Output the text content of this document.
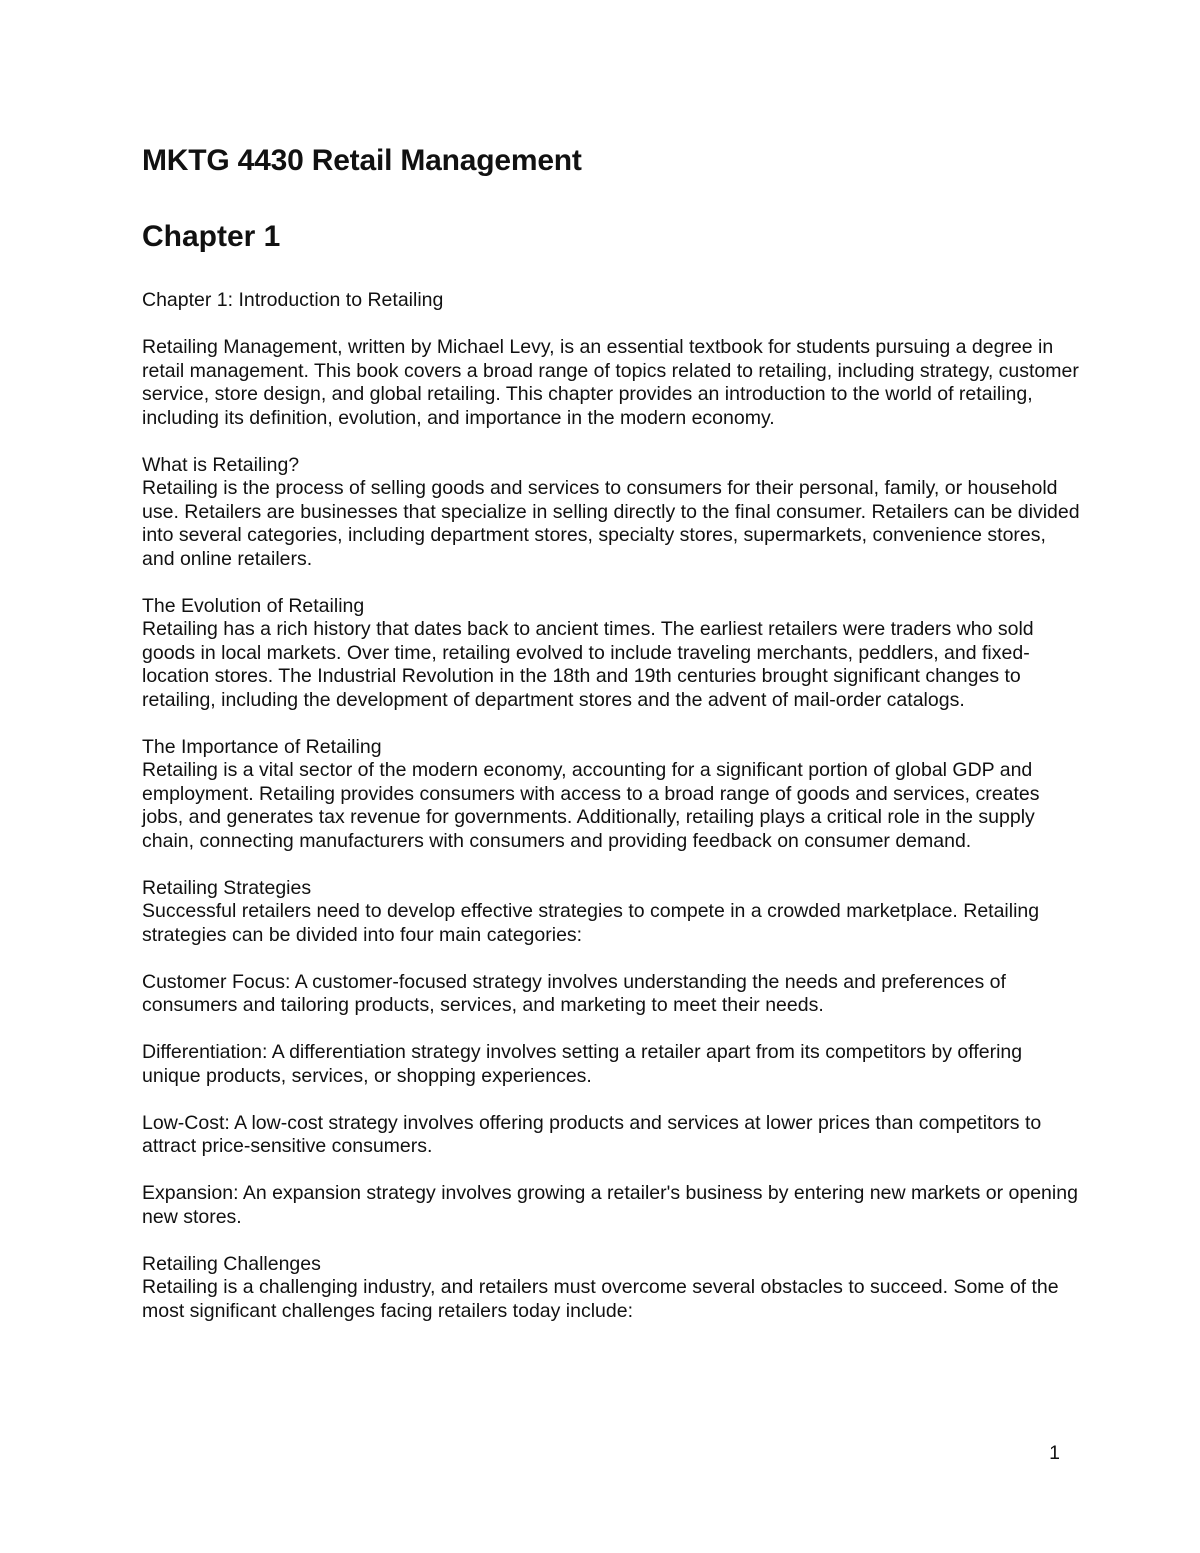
MKTG 4430 Retail Management
Chapter 1

Chapter 1: Introduction to Retailing

Retailing Management, written by Michael Levy, is an essential textbook for students pursuing a degree in retail management. This book covers a broad range of topics related to retailing, including strategy, customer service, store design, and global retailing. This chapter provides an introduction to the world of retailing, including its definition, evolution, and importance in the modern economy.

What is Retailing?
Retailing is the process of selling goods and services to consumers for their personal, family, or household use. Retailers are businesses that specialize in selling directly to the final consumer. Retailers can be divided into several categories, including department stores, specialty stores, supermarkets, convenience stores, and online retailers.
The Evolution of Retailing
Retailing has a rich history that dates back to ancient times. The earliest retailers were traders who sold goods in local markets. Over time, retailing evolved to include traveling merchants, peddlers, and fixed-location stores. The Industrial Revolution in the 18th and 19th centuries brought significant changes to retailing, including the development of department stores and the advent of mail-order catalogs.
The Importance of Retailing
Retailing is a vital sector of the modern economy, accounting for a significant portion of global GDP and employment. Retailing provides consumers with access to a broad range of goods and services, creates jobs, and generates tax revenue for governments. Additionally, retailing plays a critical role in the supply chain, connecting manufacturers with consumers and providing feedback on consumer demand.
Retailing Strategies
Successful retailers need to develop effective strategies to compete in a crowded marketplace. Retailing strategies can be divided into four main categories:

Customer Focus: A customer-focused strategy involves understanding the needs and preferences of consumers and tailoring products, services, and marketing to meet their needs.

Differentiation: A differentiation strategy involves setting a retailer apart from its competitors by offering unique products, services, or shopping experiences.

Low-Cost: A low-cost strategy involves offering products and services at lower prices than competitors to attract price-sensitive consumers.

Expansion: An expansion strategy involves growing a retailer's business by entering new markets or opening new stores.

Retailing Challenges
Retailing is a challenging industry, and retailers must overcome several obstacles to succeed. Some of the most significant challenges facing retailers today include:
1
